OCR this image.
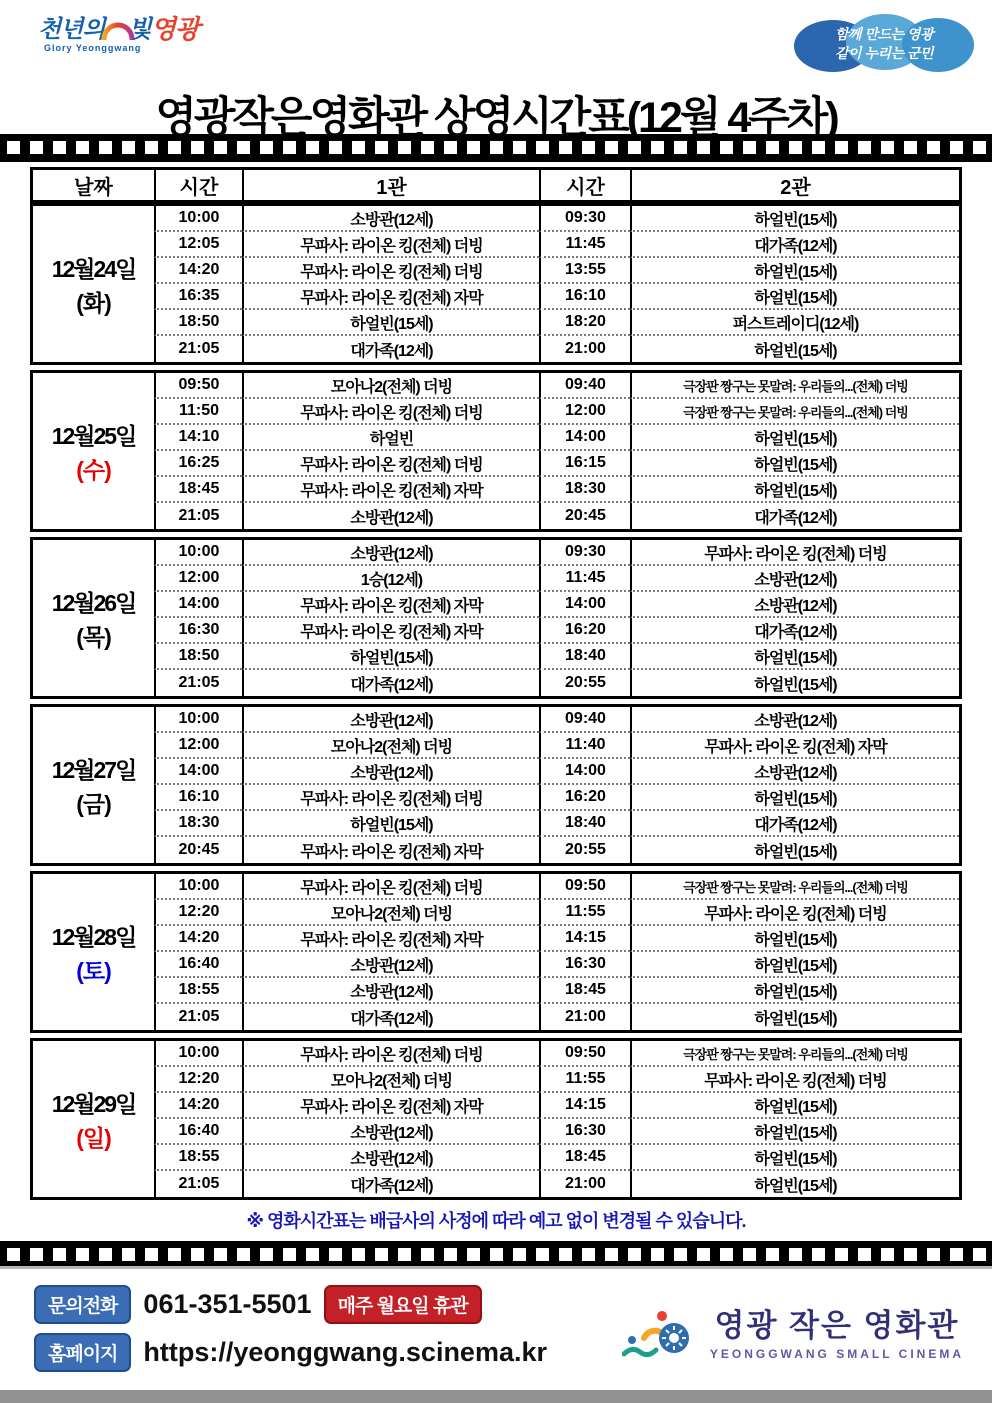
천년의 빛 영광
Glory Yeonggwang
함께 만드는 영광
같이 누리는 군민
영광작은영화관 상영시간표(12월 4주차)
날짜	시간	1관	시간	2관
12월24일
(화)
10:00	소방관(12세)	09:30	하얼빈(15세)
12:05	무파사: 라이온 킹(전체) 더빙	11:45	대가족(12세)
14:20	무파사: 라이온 킹(전체) 더빙	13:55	하얼빈(15세)
16:35	무파사: 라이온 킹(전체) 자막	16:10	하얼빈(15세)
18:50	하얼빈(15세)	18:20	퍼스트레이디(12세)
21:05	대가족(12세)	21:00	하얼빈(15세)
12월25일
(수)
09:50	모아나2(전체) 더빙	09:40	극장판 짱구는 못말려: 우리들의...(전체) 더빙
11:50	무파사: 라이온 킹(전체) 더빙	12:00	극장판 짱구는 못말려: 우리들의...(전체) 더빙
14:10	하얼빈	14:00	하얼빈(15세)
16:25	무파사: 라이온 킹(전체) 더빙	16:15	하얼빈(15세)
18:45	무파사: 라이온 킹(전체) 자막	18:30	하얼빈(15세)
21:05	소방관(12세)	20:45	대가족(12세)
12월26일
(목)
10:00	소방관(12세)	09:30	무파사: 라이온 킹(전체) 더빙
12:00	1승(12세)	11:45	소방관(12세)
14:00	무파사: 라이온 킹(전체) 자막	14:00	소방관(12세)
16:30	무파사: 라이온 킹(전체) 자막	16:20	대가족(12세)
18:50	하얼빈(15세)	18:40	하얼빈(15세)
21:05	대가족(12세)	20:55	하얼빈(15세)
12월27일
(금)
10:00	소방관(12세)	09:40	소방관(12세)
12:00	모아나2(전체) 더빙	11:40	무파사: 라이온 킹(전체) 자막
14:00	소방관(12세)	14:00	소방관(12세)
16:10	무파사: 라이온 킹(전체) 더빙	16:20	하얼빈(15세)
18:30	하얼빈(15세)	18:40	대가족(12세)
20:45	무파사: 라이온 킹(전체) 자막	20:55	하얼빈(15세)
12월28일
(토)
10:00	무파사: 라이온 킹(전체) 더빙	09:50	극장판 짱구는 못말려: 우리들의...(전체) 더빙
12:20	모아나2(전체) 더빙	11:55	무파사: 라이온 킹(전체) 더빙
14:20	무파사: 라이온 킹(전체) 자막	14:15	하얼빈(15세)
16:40	소방관(12세)	16:30	하얼빈(15세)
18:55	소방관(12세)	18:45	하얼빈(15세)
21:05	대가족(12세)	21:00	하얼빈(15세)
12월29일
(일)
10:00	무파사: 라이온 킹(전체) 더빙	09:50	극장판 짱구는 못말려: 우리들의...(전체) 더빙
12:20	모아나2(전체) 더빙	11:55	무파사: 라이온 킹(전체) 더빙
14:20	무파사: 라이온 킹(전체) 자막	14:15	하얼빈(15세)
16:40	소방관(12세)	16:30	하얼빈(15세)
18:55	소방관(12세)	18:45	하얼빈(15세)
21:05	대가족(12세)	21:00	하얼빈(15세)
※ 영화시간표는 배급사의 사정에 따라 예고 없이 변경될 수 있습니다.
문의전화 061-351-5501	매주 월요일 휴관
홈페이지 https://yeonggwang.scinema.kr
영광 작은 영화관
YEONGGWANG SMALL CINEMA
